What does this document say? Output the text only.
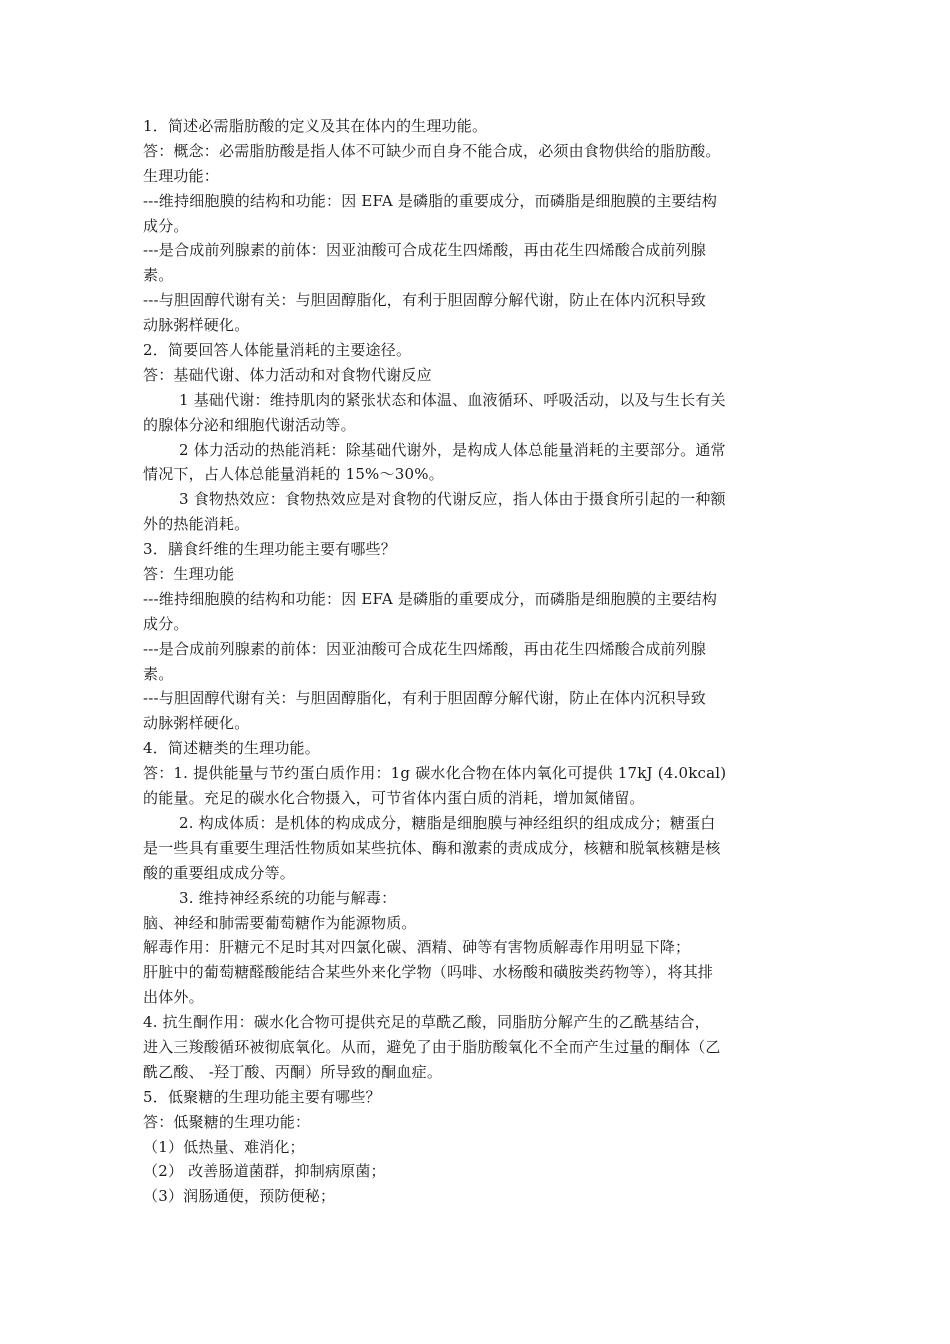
1．简述必需脂肪酸的定义及其在体内的生理功能。
答：概念：必需脂肪酸是指人体不可缺少而自身不能合成，必须由食物供给的脂肪酸。
生理功能：
---维持细胞膜的结构和功能：因 EFA 是磷脂的重要成分，而磷脂是细胞膜的主要结构
成分。
---是合成前列腺素的前体：因亚油酸可合成花生四烯酸，再由花生四烯酸合成前列腺
素。
---与胆固醇代谢有关：与胆固醇脂化，有利于胆固醇分解代谢，防止在体内沉积导致
动脉粥样硬化。
2．简要回答人体能量消耗的主要途径。
答：基础代谢、体力活动和对食物代谢反应
1 基础代谢：维持肌肉的紧张状态和体温、血液循环、呼吸活动，以及与生长有关
的腺体分泌和细胞代谢活动等。
2 体力活动的热能消耗：除基础代谢外，是构成人体总能量消耗的主要部分。通常
情况下，占人体总能量消耗的 15%～30%。
3 食物热效应：食物热效应是对食物的代谢反应，指人体由于摄食所引起的一种额
外的热能消耗。
3．膳食纤维的生理功能主要有哪些？
答：生理功能
---维持细胞膜的结构和功能：因 EFA 是磷脂的重要成分，而磷脂是细胞膜的主要结构
成分。
---是合成前列腺素的前体：因亚油酸可合成花生四烯酸，再由花生四烯酸合成前列腺
素。
---与胆固醇代谢有关：与胆固醇脂化，有利于胆固醇分解代谢，防止在体内沉积导致
动脉粥样硬化。
4．简述糖类的生理功能。
答：1. 提供能量与节约蛋白质作用：1g 碳水化合物在体内氧化可提供 17kJ (4.0kcal)
的能量。充足的碳水化合物摄入，可节省体内蛋白质的消耗，增加氮储留。
2. 构成体质：是机体的构成成分，糖脂是细胞膜与神经组织的组成成分；糖蛋白
是一些具有重要生理活性物质如某些抗体、酶和激素的责成成分，核糖和脱氧核糖是核
酸的重要组成成分等。
3. 维持神经系统的功能与解毒：
脑、神经和肺需要葡萄糖作为能源物质。
解毒作用：肝糖元不足时其对四氯化碳、酒精、砷等有害物质解毒作用明显下降；
肝脏中的葡萄糖醛酸能结合某些外来化学物（吗啡、水杨酸和磺胺类药物等），将其排
出体外。
4. 抗生酮作用：碳水化合物可提供充足的草酰乙酸，同脂肪分解产生的乙酰基结合，
进入三羧酸循环被彻底氧化。从而，避免了由于脂肪酸氧化不全而产生过量的酮体（乙
酰乙酸、 -羟丁酸、丙酮）所导致的酮血症。
5．低聚糖的生理功能主要有哪些？
答：低聚糖的生理功能：
（1）低热量、难消化；
（2） 改善肠道菌群，抑制病原菌；
（3）润肠通便，预防便秘；
